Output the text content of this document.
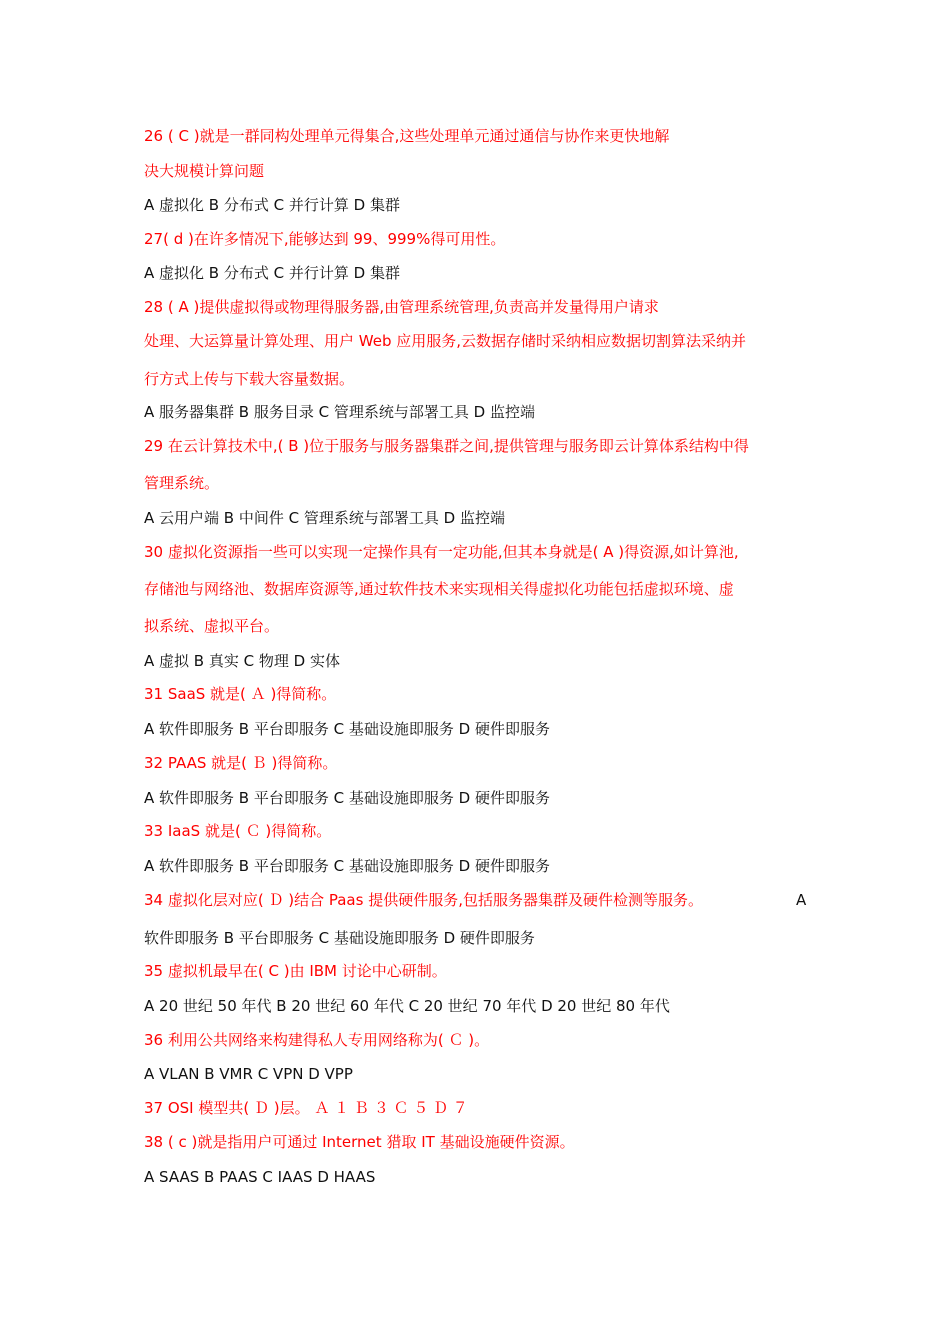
26 ( C )就是一群同构处理单元得集合,这些处理单元通过通信与协作来更快地解
决大规模计算问题
A 虚拟化 B 分布式 C 并行计算 D 集群
27( d )在许多情况下,能够达到 99、999%得可用性。
A 虚拟化 B 分布式 C 并行计算 D 集群
28 ( A )提供虚拟得或物理得服务器,由管理系统管理,负责高并发量得用户请求
处理、大运算量计算处理、用户 Web 应用服务,云数据存储时采纳相应数据切割算法采纳并
行方式上传与下载大容量数据。
A 服务器集群 B 服务目录 C 管理系统与部署工具 D 监控端
29 在云计算技术中,( B )位于服务与服务器集群之间,提供管理与服务即云计算体系结构中得
管理系统。
A 云用户端 B 中间件 C 管理系统与部署工具 D 监控端
30 虚拟化资源指一些可以实现一定操作具有一定功能,但其本身就是( A )得资源,如计算池,
存储池与网络池、数据库资源等,通过软件技术来实现相关得虚拟化功能包括虚拟环境、虚
拟系统、虚拟平台。
A 虚拟 B 真实 C 物理 D 实体
31 SaaS 就是( Ａ )得简称。
A 软件即服务 B 平台即服务 C 基础设施即服务 D 硬件即服务
32 PAAS 就是( Ｂ )得简称。
A 软件即服务 B 平台即服务 C 基础设施即服务 D 硬件即服务
33 IaaS 就是( Ｃ )得简称。
A 软件即服务 B 平台即服务 C 基础设施即服务 D 硬件即服务
34 虚拟化层对应( Ｄ )结合 Paas 提供硬件服务,包括服务器集群及硬件检测等服务。	A
软件即服务 B 平台即服务 C 基础设施即服务 D 硬件即服务
35 虚拟机最早在( C )由 IBM 讨论中心研制。
A 20 世纪 50 年代 B 20 世纪 60 年代 C 20 世纪 70 年代 D 20 世纪 80 年代
36 利用公共网络来构建得私人专用网络称为( Ｃ )。
A VLAN B VMR C VPN D VPP
37 OSI 模型共( Ｄ )层。 Ａ １ Ｂ ３ Ｃ ５ Ｄ ７
38 ( c )就是指用户可通过 Internet 猎取 IT 基础设施硬件资源。
A SAAS B PAAS C IAAS D HAAS
